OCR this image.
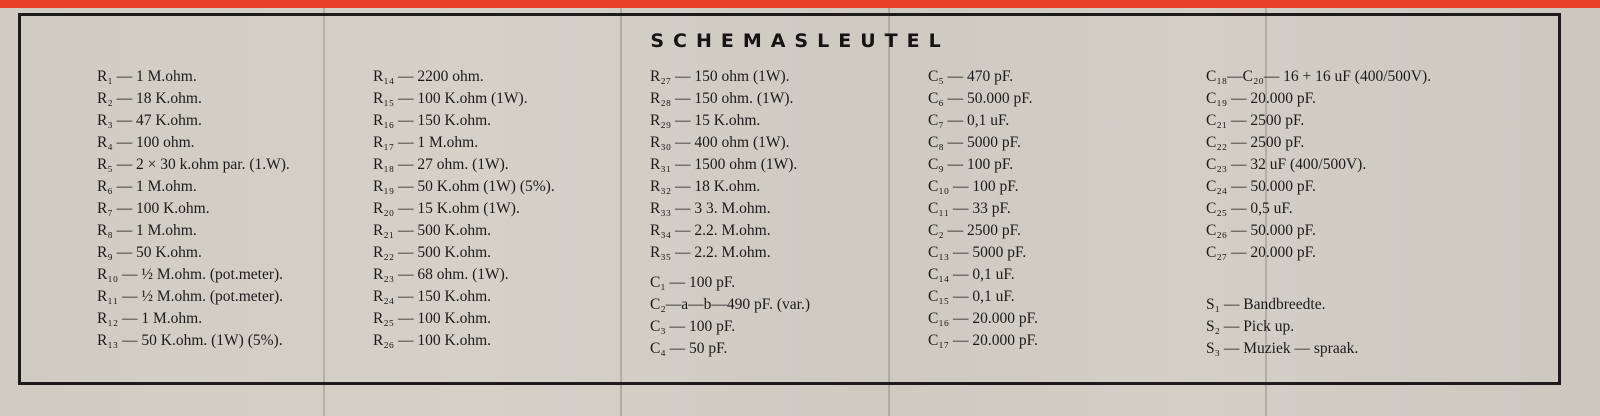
SCHEMASLEUTEL
R₁ — 1 M.ohm.
R₂ — 18 K.ohm.
R₃ — 47 K.ohm.
R₄ — 100 ohm.
R₅ — 2 × 30 k.ohm par. (1.W).
R₆ — 1 M.ohm.
R₇ — 100 K.ohm.
R₈ — 1 M.ohm.
R₉ — 50 K.ohm.
R₁₀ — ½ M.ohm. (pot.meter).
R₁₁ — ½ M.ohm. (pot.meter).
R₁₂ — 1 M.ohm.
R₁₃ — 50 K.ohm. (1W) (5%).
R₁₄ — 2200 ohm.
R₁₅ — 100 K.ohm (1W).
R₁₆ — 150 K.ohm.
R₁₇ — 1 M.ohm.
R₁₈ — 27 ohm. (1W).
R₁₉ — 50 K.ohm (1W) (5%).
R₂₀ — 15 K.ohm (1W).
R₂₁ — 500 K.ohm.
R₂₂ — 500 K.ohm.
R₂₃ — 68 ohm. (1W).
R₂₄ — 150 K.ohm.
R₂₅ — 100 K.ohm.
R₂₆ — 100 K.ohm.
R₂₇ — 150 ohm (1W).
R₂₈ — 150 ohm. (1W).
R₂₉ — 15 K.ohm.
R₃₀ — 400 ohm (1W).
R₃₁ — 1500 ohm (1W).
R₃₂ — 18 K.ohm.
R₃₃ — 3 3. M.ohm.
R₃₄ — 2.2. M.ohm.
R₃₅ — 2.2. M.ohm.
C₁ — 100 pF.
C₂—a—b—490 pF. (var.)
C₃ — 100 pF.
C₄ — 50 pF.
C₅ — 470 pF.
C₆ — 50.000 pF.
C₇ — 0,1 uF.
C₈ — 5000 pF.
C₉ — 100 pF.
C₁₀ — 100 pF.
C₁₁ — 33 pF.
C₂ — 2500 pF.
C₁₃ — 5000 pF.
C₁₄ — 0,1 uF.
C₁₅ — 0,1 uF.
C₁₆ — 20.000 pF.
C₁₇ — 20.000 pF.
C₁₈—C₂₀— 16 + 16 uF (400/500V).
C₁₉ — 20.000 pF.
C₂₁ — 2500 pF.
C₂₂ — 2500 pF.
C₂₃ — 32 uF (400/500V).
C₂₄ — 50.000 pF.
C₂₅ — 0,5 uF.
C₂₆ — 50.000 pF.
C₂₇ — 20.000 pF.
S₁ — Bandbreedte.
S₂ — Pick up.
S₃ — Muziek — spraak.
